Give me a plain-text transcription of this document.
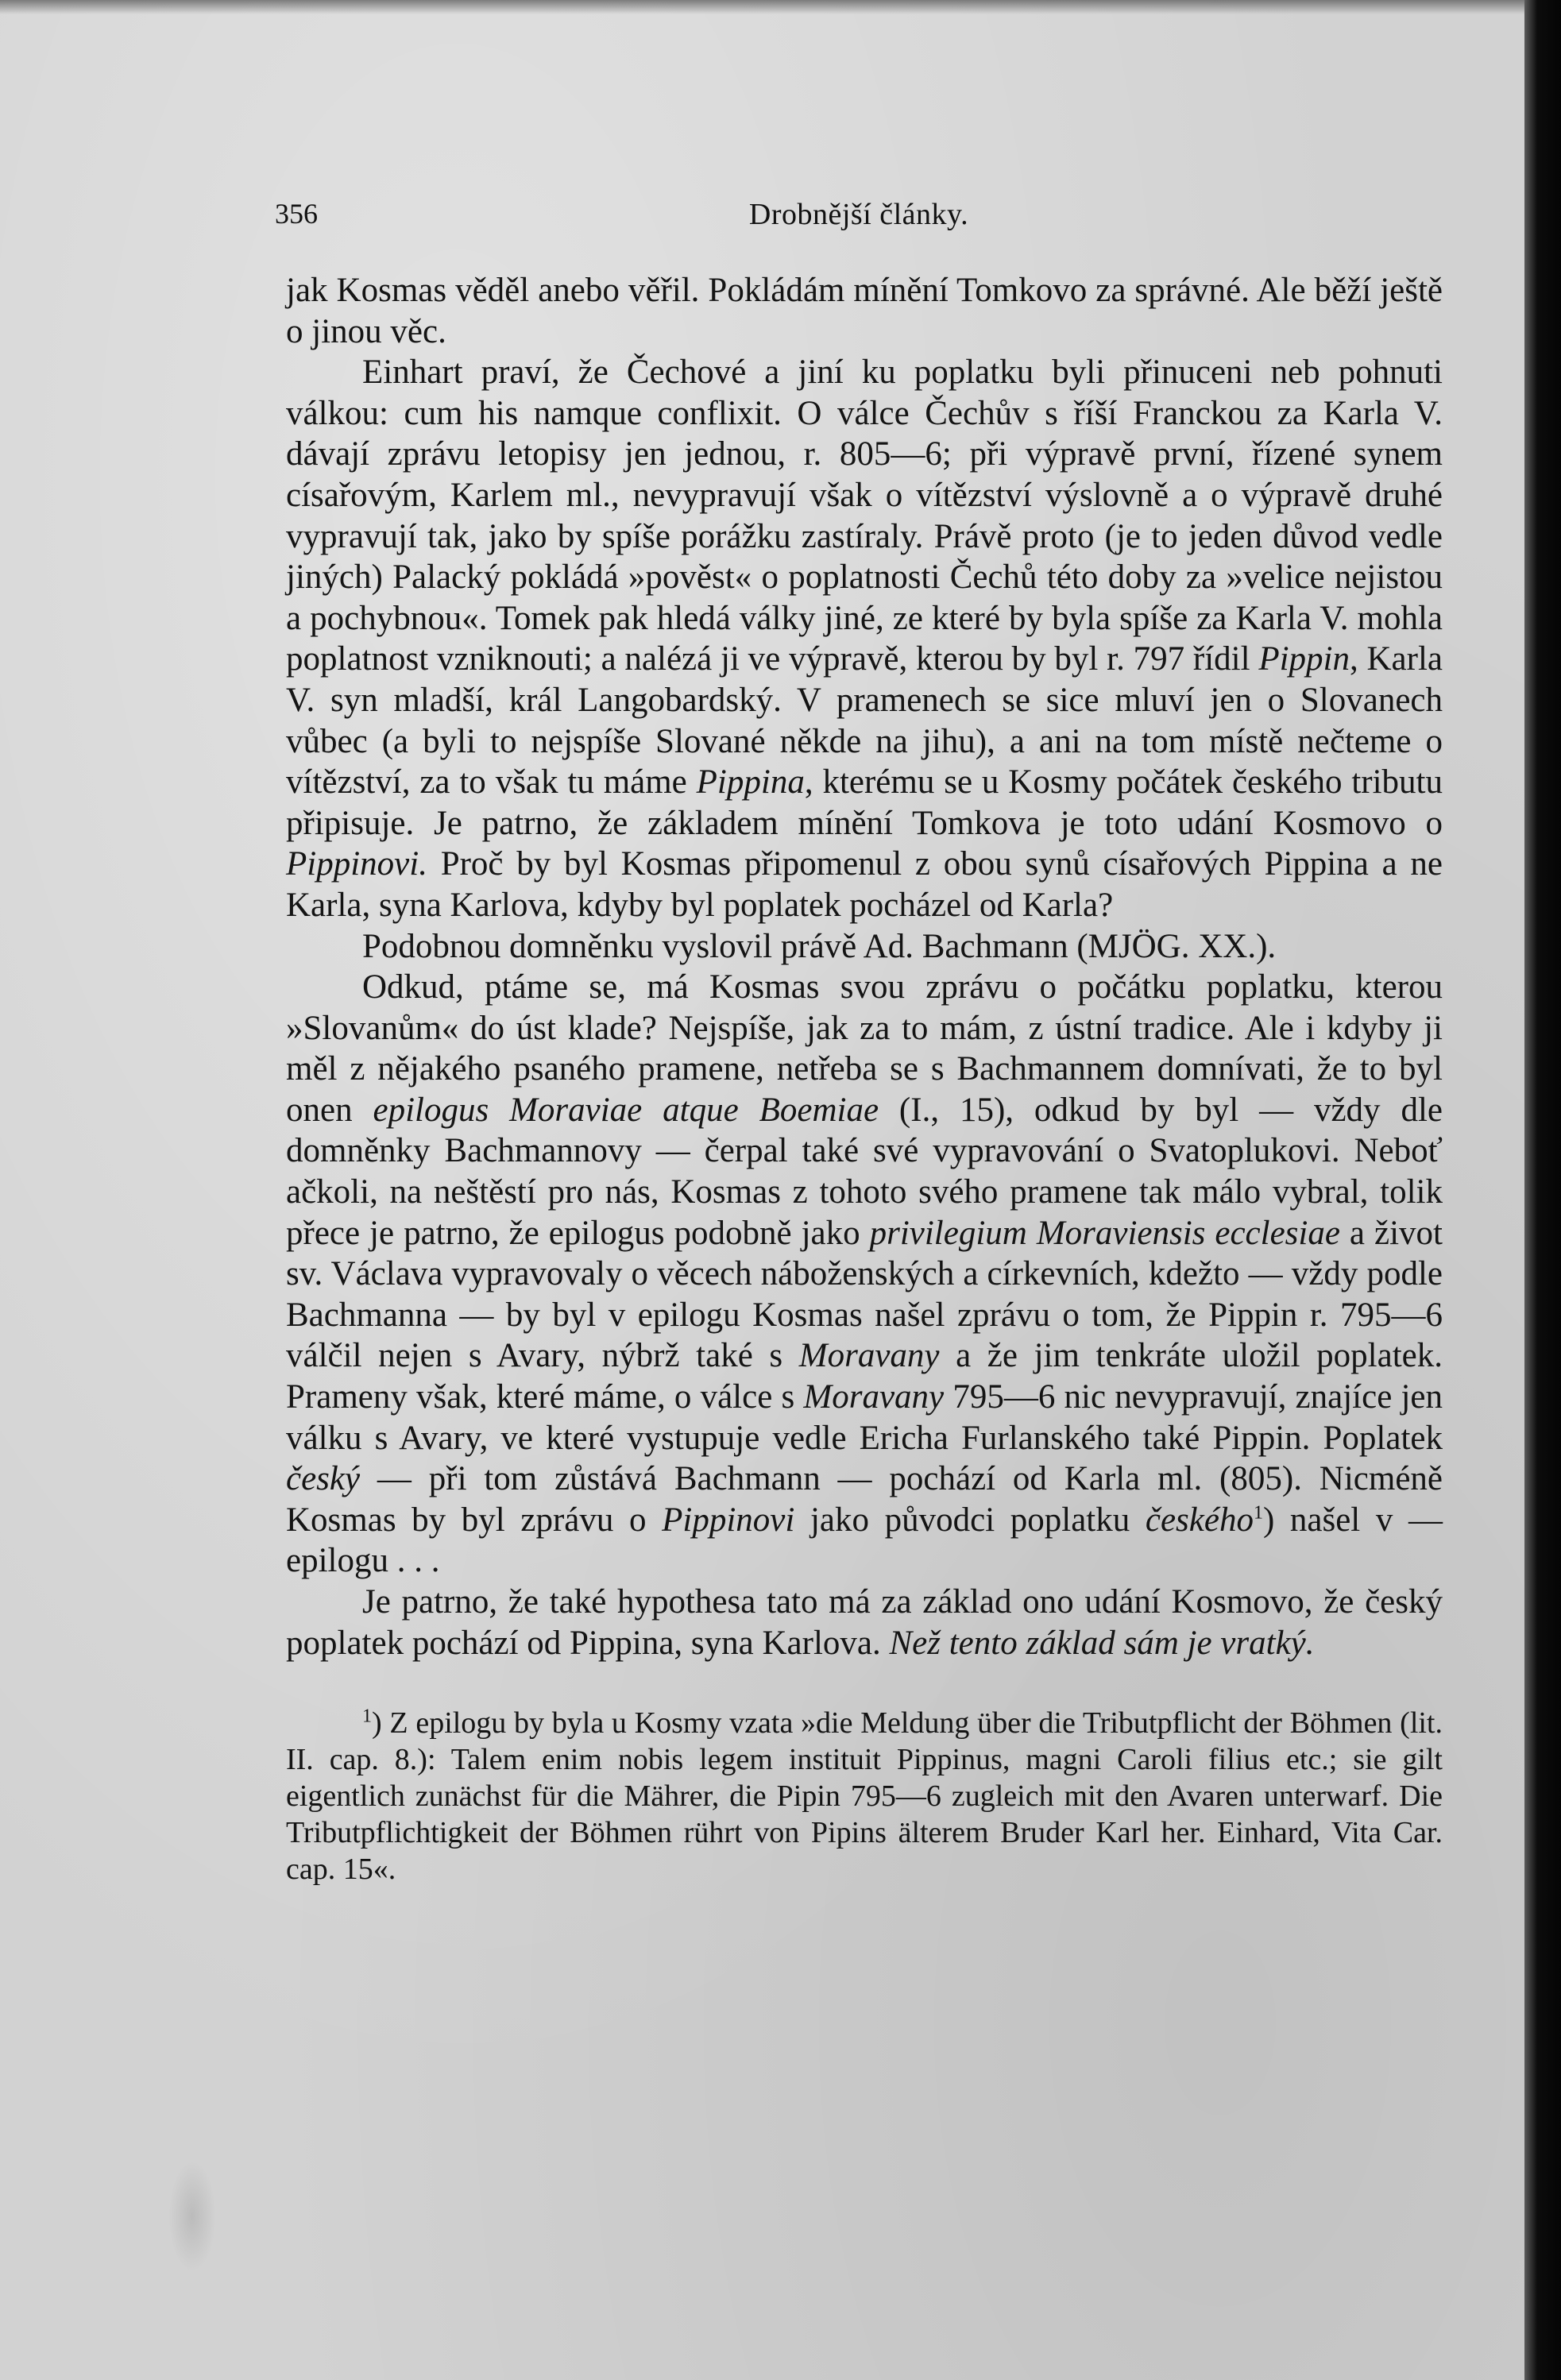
356	Drobnější články.

jak Kosmas věděl anebo věřil. Pokládám mínění Tomkovo za správné. Ale běží ještě o jinou věc.

Einhart praví, že Čechové a jiní ku poplatku byli přinuceni neb pohnuti válkou: cum his namque conflixit. O válce Čechův s říší Franckou za Karla V. dávají zprávu letopisy jen jednou, r. 805—6; při výpravě první, řízené synem císařovým, Karlem ml., nevypravují však o vítězství výslovně a o výpravě druhé vypravují tak, jako by spíše porážku zastíraly. Právě proto (je to jeden důvod vedle jiných) Palacký pokládá »pověst« o poplatnosti Čechů této doby za »velice nejistou a pochybnou«. Tomek pak hledá války jiné, ze které by byla spíše za Karla V. mohla poplatnost vzniknouti; a nalézá ji ve výpravě, kterou by byl r. 797 řídil Pippin, Karla V. syn mladší, král Langobardský. V pramenech se sice mluví jen o Slovanech vůbec (a byli to nejspíše Slované někde na jihu), a ani na tom místě nečteme o vítězství, za to však tu máme Pippina, kterému se u Kosmy počátek českého tributu připisuje. Je patrno, že základem mínění Tomkova je toto udání Kosmovo o Pippinovi. Proč by byl Kosmas připomenul z obou synů císařových Pippina a ne Karla, syna Karlova, kdyby byl poplatek pocházel od Karla?

Podobnou domněnku vyslovil právě Ad. Bachmann (MJÖG. XX.).

Odkud, ptáme se, má Kosmas svou zprávu o počátku poplatku, kterou »Slovanům« do úst klade? Nejspíše, jak za to mám, z ústní tradice. Ale i kdyby ji měl z nějakého psaného pramene, netřeba se s Bachmannem domnívati, že to byl onen epilogus Moraviae atque Boemiae (I., 15), odkud by byl — vždy dle domněnky Bachmannovy — čerpal také své vypravování o Svatoplukovi. Neboť ačkoli, na neštěstí pro nás, Kosmas z tohoto svého pramene tak málo vybral, tolik přece je patrno, že epilogus podobně jako privilegium Moraviensis ecclesiae a život sv. Václava vypravovaly o věcech náboženských a církevních, kdežto — vždy podle Bachmanna — by byl v epilogu Kosmas našel zprávu o tom, že Pippin r. 795—6 válčil nejen s Avary, nýbrž také s Moravany a že jim tenkráte uložil poplatek. Prameny však, které máme, o válce s Moravany 795—6 nic nevypravují, znajíce jen válku s Avary, ve které vystupuje vedle Ericha Furlanského také Pippin. Poplatek český — při tom zůstává Bachmann — pochází od Karla ml. (805). Nicméně Kosmas by byl zprávu o Pippinovi jako původci poplatku českého$^1$) našel v — epilogu . . .

Je patrno, že také hypothesa tato má za základ ono udání Kosmovo, že český poplatek pochází od Pippina, syna Karlova. Než tento základ sám je vratký.

$^1$) Z epilogu by byla u Kosmy vzata »die Meldung über die Tributpflicht der Böhmen (lit. II. cap. 8.): Talem enim nobis legem instituit Pippinus, magni Caroli filius etc.; sie gilt eigentlich zunächst für die Mährer, die Pipin 795—6 zugleich mit den Avaren unterwarf. Die Tributpflichtigkeit der Böhmen rührt von Pipins älterem Bruder Karl her. Einhard, Vita Car. cap. 15«.
